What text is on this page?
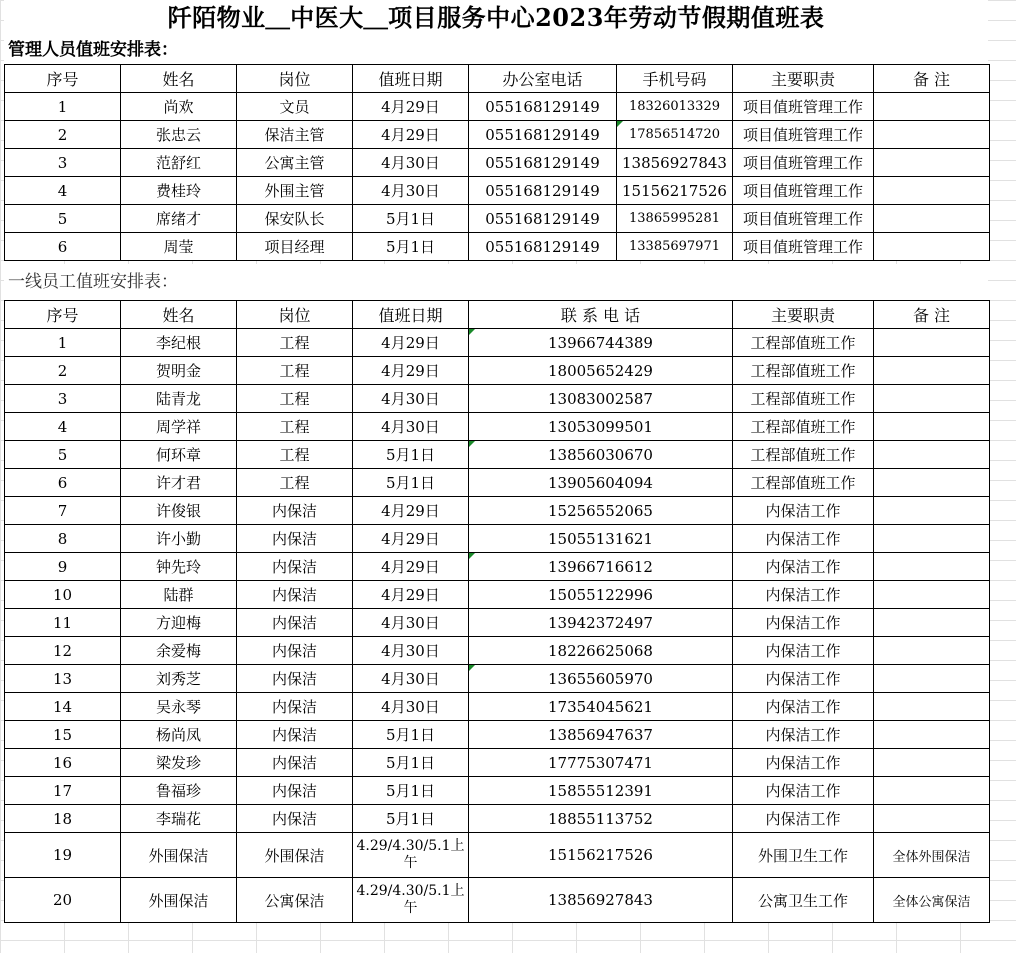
阡陌物业＿中医大＿项目服务中心2023年劳动节假期值班表
管理人员值班安排表：
序号	姓名	岗位	值班日期	办公室电话	手机号码	主要职责	备 注
1	尚欢	文员	4月29日	055168129149	18326013329	项目值班管理工作	
2	张忠云	保洁主管	4月29日	055168129149	17856514720	项目值班管理工作	
3	范舒红	公寓主管	4月30日	055168129149	13856927843	项目值班管理工作	
4	费桂玲	外围主管	4月30日	055168129149	15156217526	项目值班管理工作	
5	席绪才	保安队长	5月1日	055168129149	13865995281	项目值班管理工作	
6	周莹	项目经理	5月1日	055168129149	13385697971	项目值班管理工作	
一线员工值班安排表：
序号	姓名	岗位	值班日期	联 系 电 话	主要职责	备 注
1	李纪根	工程	4月29日	13966744389	工程部值班工作	
2	贺明金	工程	4月29日	18005652429	工程部值班工作	
3	陆青龙	工程	4月30日	13083002587	工程部值班工作	
4	周学祥	工程	4月30日	13053099501	工程部值班工作	
5	何环章	工程	5月1日	13856030670	工程部值班工作	
6	许才君	工程	5月1日	13905604094	工程部值班工作	
7	许俊银	内保洁	4月29日	15256552065	内保洁工作	
8	许小勤	内保洁	4月29日	15055131621	内保洁工作	
9	钟先玲	内保洁	4月29日	13966716612	内保洁工作	
10	陆群	内保洁	4月29日	15055122996	内保洁工作	
11	方迎梅	内保洁	4月30日	13942372497	内保洁工作	
12	余爱梅	内保洁	4月30日	18226625068	内保洁工作	
13	刘秀芝	内保洁	4月30日	13655605970	内保洁工作	
14	吴永琴	内保洁	4月30日	17354045621	内保洁工作	
15	杨尚凤	内保洁	5月1日	13856947637	内保洁工作	
16	梁发珍	内保洁	5月1日	17775307471	内保洁工作	
17	鲁福珍	内保洁	5月1日	15855512391	内保洁工作	
18	李瑞花	内保洁	5月1日	18855113752	内保洁工作	
19	外围保洁	外围保洁	4.29/4.30/5.1上午	15156217526	外围卫生工作	全体外围保洁
20	外围保洁	公寓保洁	4.29/4.30/5.1上午	13856927843	公寓卫生工作	全体公寓保洁
